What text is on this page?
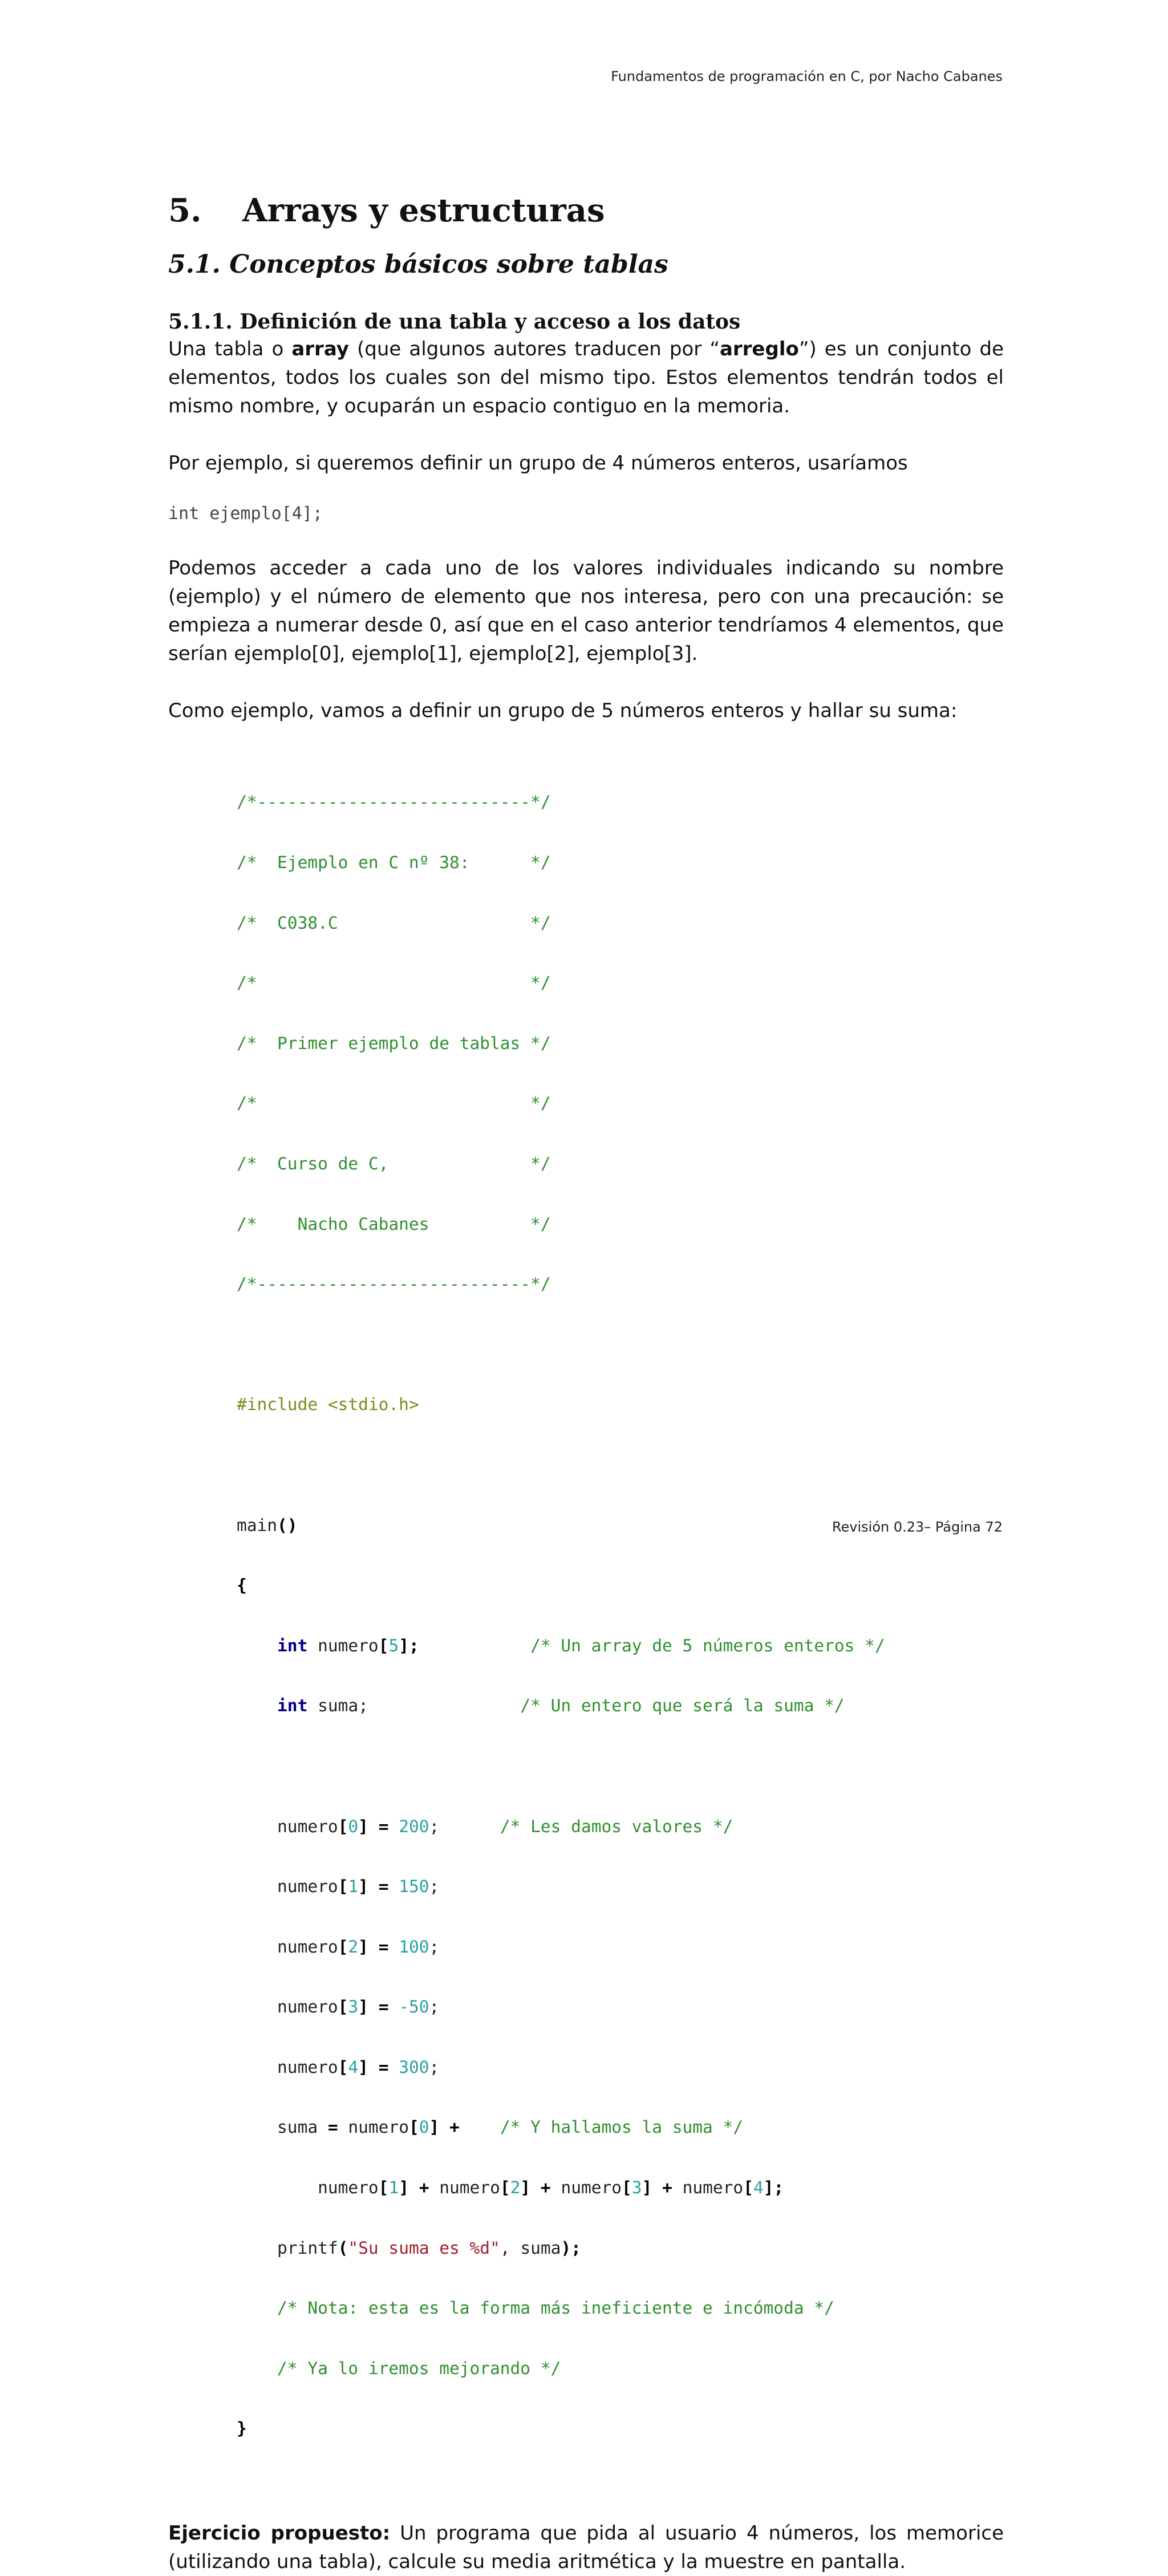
Fundamentos de programación en C, por Nacho Cabanes
5.	Arrays y estructuras
5.1. Conceptos básicos sobre tablas
5.1.1. Definición de una tabla y acceso a los datos

Una tabla o array (que algunos autores traducen por “arreglo”) es un conjunto de elementos, todos los cuales son del mismo tipo. Estos elementos tendrán todos el mismo nombre, y ocuparán un espacio contiguo en la memoria.

Por ejemplo, si queremos definir un grupo de 4 números enteros, usaríamos

int ejemplo[4];

Podemos acceder a cada uno de los valores individuales indicando su nombre (ejemplo) y el número de elemento que nos interesa, pero con una precaución: se empieza a numerar desde 0, así que en el caso anterior tendríamos 4 elementos, que serían ejemplo[0], ejemplo[1], ejemplo[2], ejemplo[3].

Como ejemplo, vamos a definir un grupo de 5 números enteros y hallar su suma:

/*---------------------------*/

/*  Ejemplo en C nº 38:      */

/*  C038.C                   */

/*                           */

/*  Primer ejemplo de tablas */

/*                           */

/*  Curso de C,              */

/*    Nacho Cabanes          */

/*---------------------------*/

#include <stdio.h>

main()

{

int numero[5];	/* Un array de 5 números enteros */

int suma;	/* Un entero que será la suma */

numero[0] = 200;      /* Les damos valores */

numero[1] = 150;

numero[2] = 100;

numero[3] = -50;

numero[4] = 300;

suma = numero[0] + /* Y hallamos la suma */

numero[1] + numero[2] + numero[3] + numero[4];

printf("Su suma es %d", suma);

/* Nota: esta es la forma más ineficiente e incómoda */

/* Ya lo iremos mejorando */

}

Ejercicio propuesto: Un programa que pida al usuario 4 números, los memorice (utilizando una tabla), calcule su media aritmética y la muestre en pantalla.

Revisión 0.23– Página 72
